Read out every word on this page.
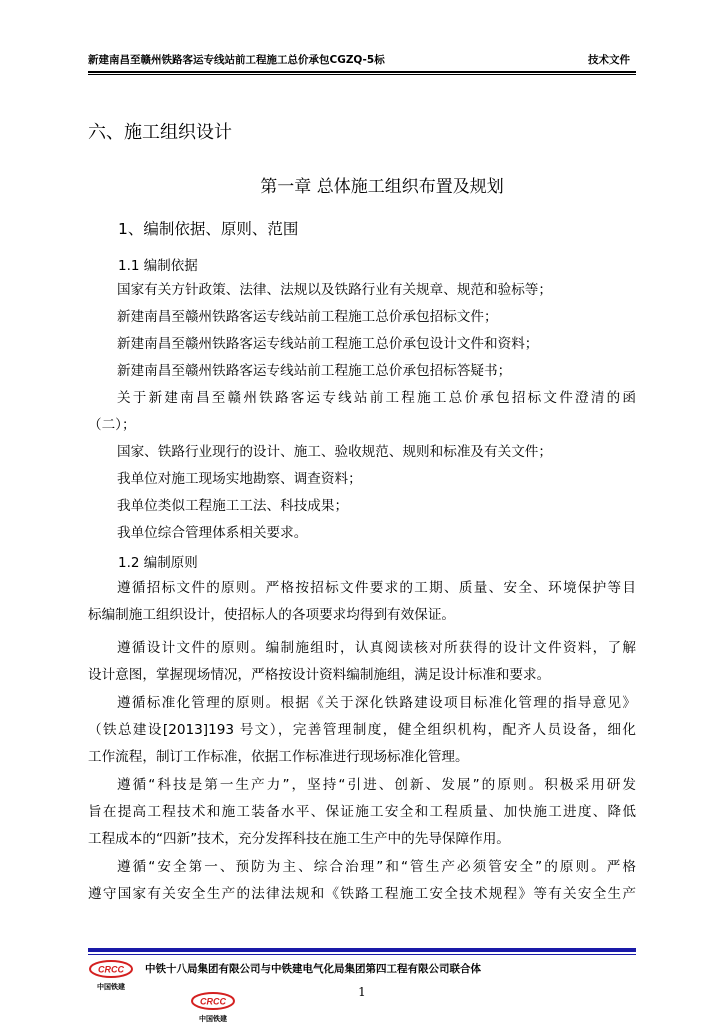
新建南昌至赣州铁路客运专线站前工程施工总价承包CGZQ-5标	技术文件
六、施工组织设计
第一章 总体施工组织布置及规划
1、编制依据、原则、范围
1.1 编制依据
国家有关方针政策、法律、法规以及铁路行业有关规章、规范和验标等；
新建南昌至赣州铁路客运专线站前工程施工总价承包招标文件；
新建南昌至赣州铁路客运专线站前工程施工总价承包设计文件和资料；
新建南昌至赣州铁路客运专线站前工程施工总价承包招标答疑书；
关于新建南昌至赣州铁路客运专线站前工程施工总价承包招标文件澄清的函
（二）；
国家、铁路行业现行的设计、施工、验收规范、规则和标准及有关文件；
我单位对施工现场实地勘察、调查资料；
我单位类似工程施工工法、科技成果；
我单位综合管理体系相关要求。
1.2 编制原则
遵循招标文件的原则。严格按招标文件要求的工期、质量、安全、环境保护等目
标编制施工组织设计，使招标人的各项要求均得到有效保证。
遵循设计文件的原则。编制施组时，认真阅读核对所获得的设计文件资料，了解
设计意图，掌握现场情况，严格按设计资料编制施组，满足设计标准和要求。
遵循标准化管理的原则。根据《关于深化铁路建设项目标准化管理的指导意见》
（铁总建设[2013]193 号文），完善管理制度，健全组织机构，配齐人员设备，细化
工作流程，制订工作标准，依据工作标准进行现场标准化管理。
遵循“科技是第一生产力”，坚持“引进、创新、发展”的原则。积极采用研发
旨在提高工程技术和施工装备水平、保证施工安全和工程质量、加快施工进度、降低
工程成本的“四新”技术，充分发挥科技在施工生产中的先导保障作用。
遵循“安全第一、预防为主、综合治理”和“管生产必须管安全”的原则。严格
遵守国家有关安全生产的法律法规和《铁路工程施工安全技术规程》等有关安全生产
CRCC
中国铁建
中铁十八局集团有限公司与中铁建电气化局集团第四工程有限公司联合体
1
CRCC
中国铁建
